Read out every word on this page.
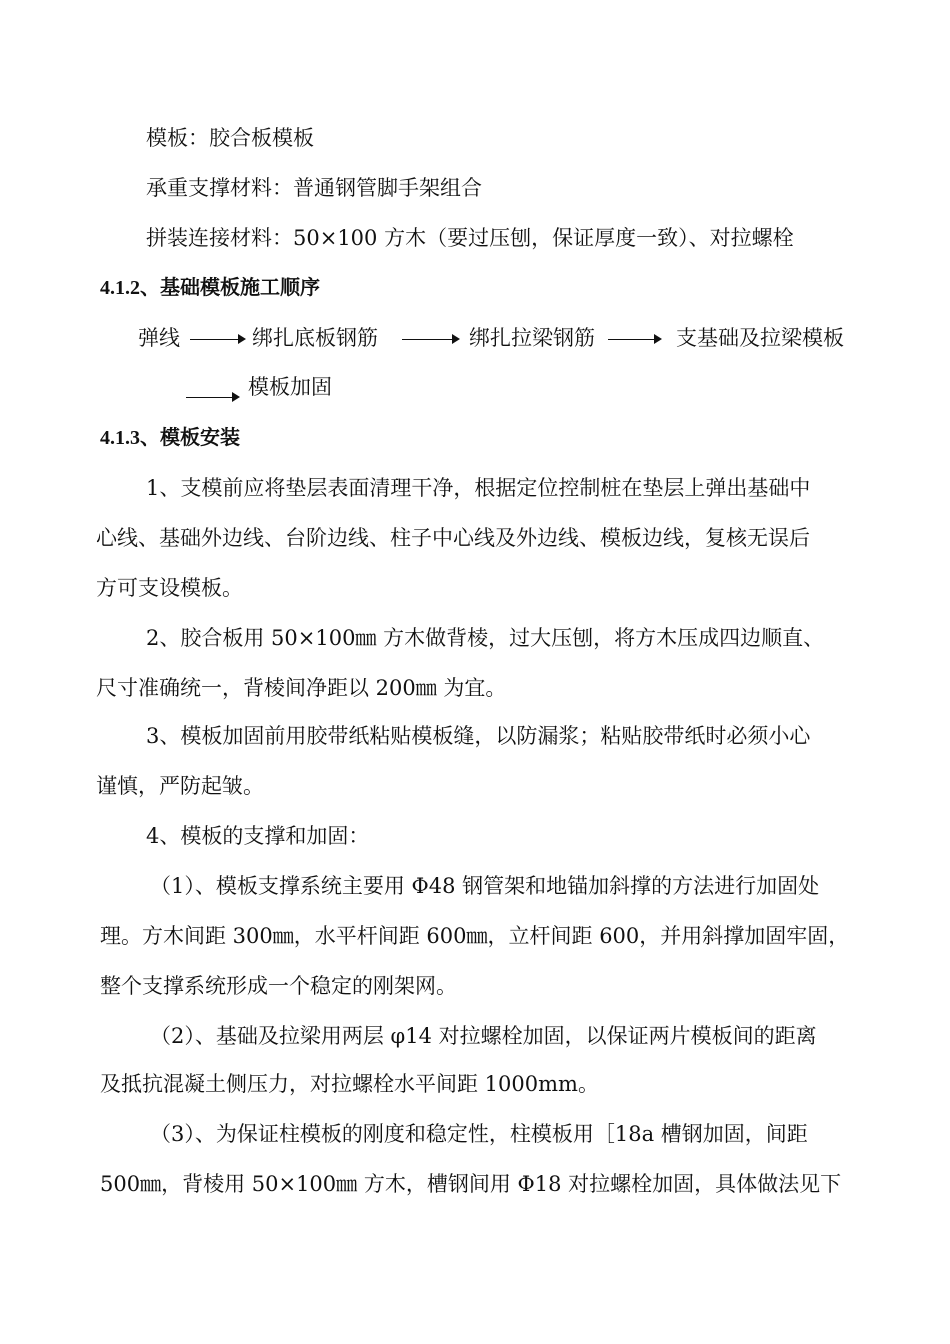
模板：胶合板模板
承重支撑材料：普通钢管脚手架组合
拼装连接材料：50×100 方木（要过压刨，保证厚度一致）、对拉螺栓
4.1.2、基础模板施工顺序
弹线	绑扎底板钢筋	绑扎拉梁钢筋	支基础及拉梁模板
模板加固
4.1.3、模板安装
1、支模前应将垫层表面清理干净，根据定位控制桩在垫层上弹出基础中
心线、基础外边线、台阶边线、柱子中心线及外边线、模板边线，复核无误后
方可支设模板。
2、胶合板用 50×100㎜ 方木做背棱，过大压刨，将方木压成四边顺直、
尺寸准确统一，背棱间净距以 200㎜ 为宜。
3、模板加固前用胶带纸粘贴模板缝，以防漏浆；粘贴胶带纸时必须小心
谨慎，严防起皱。
4、模板的支撑和加固：
（1）、模板支撑系统主要用 Φ48 钢管架和地锚加斜撑的方法进行加固处
理。方木间距 300㎜，水平杆间距 600㎜，立杆间距 600，并用斜撑加固牢固，
整个支撑系统形成一个稳定的刚架网。
（2）、基础及拉梁用两层 φ14 对拉螺栓加固，以保证两片模板间的距离
及抵抗混凝土侧压力，对拉螺栓水平间距 1000mm。
（3）、为保证柱模板的刚度和稳定性，柱模板用［18a 槽钢加固，间距
500㎜，背棱用 50×100㎜ 方木，槽钢间用 Φ18 对拉螺栓加固，具体做法见下
